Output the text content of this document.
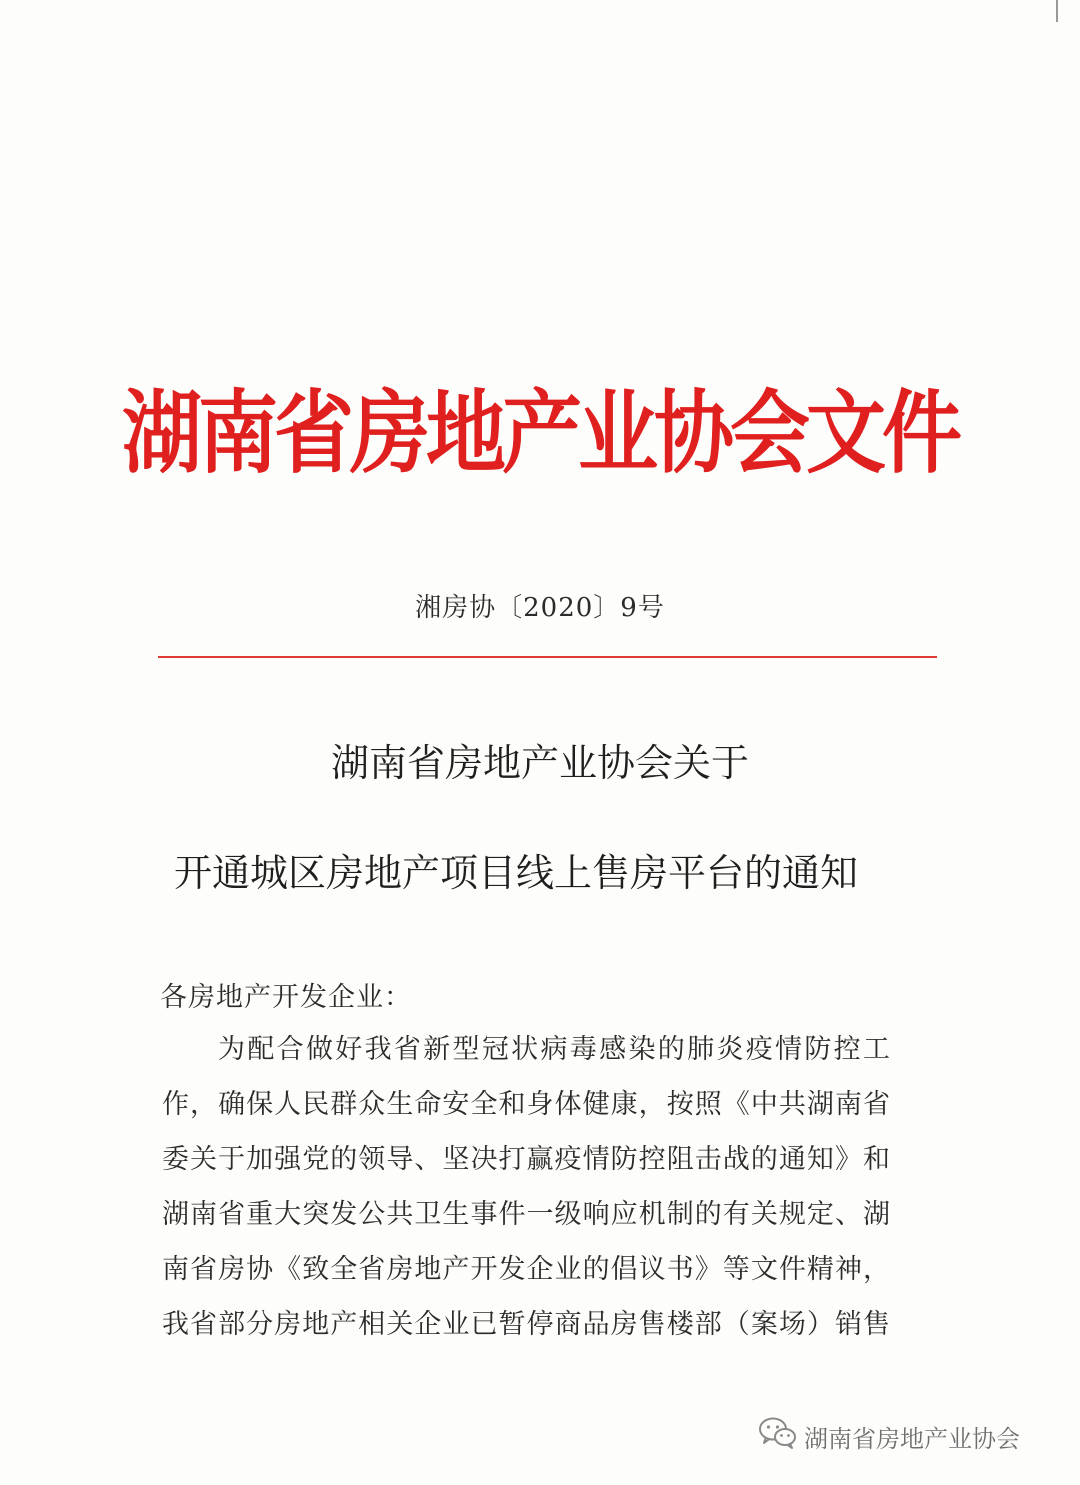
湖南省房地产业协会文件
湘房协〔2020〕9号
湖南省房地产业协会关于
开通城区房地产项目线上售房平台的通知
各房地产开发企业：
为配合做好我省新型冠状病毒感染的肺炎疫情防控工
作，确保人民群众生命安全和身体健康，按照《中共湖南省
委关于加强党的领导、坚决打赢疫情防控阻击战的通知》和
湖南省重大突发公共卫生事件一级响应机制的有关规定、湖
南省房协《致全省房地产开发企业的倡议书》等文件精神，
我省部分房地产相关企业已暂停商品房售楼部（案场）销售
湖南省房地产业协会
